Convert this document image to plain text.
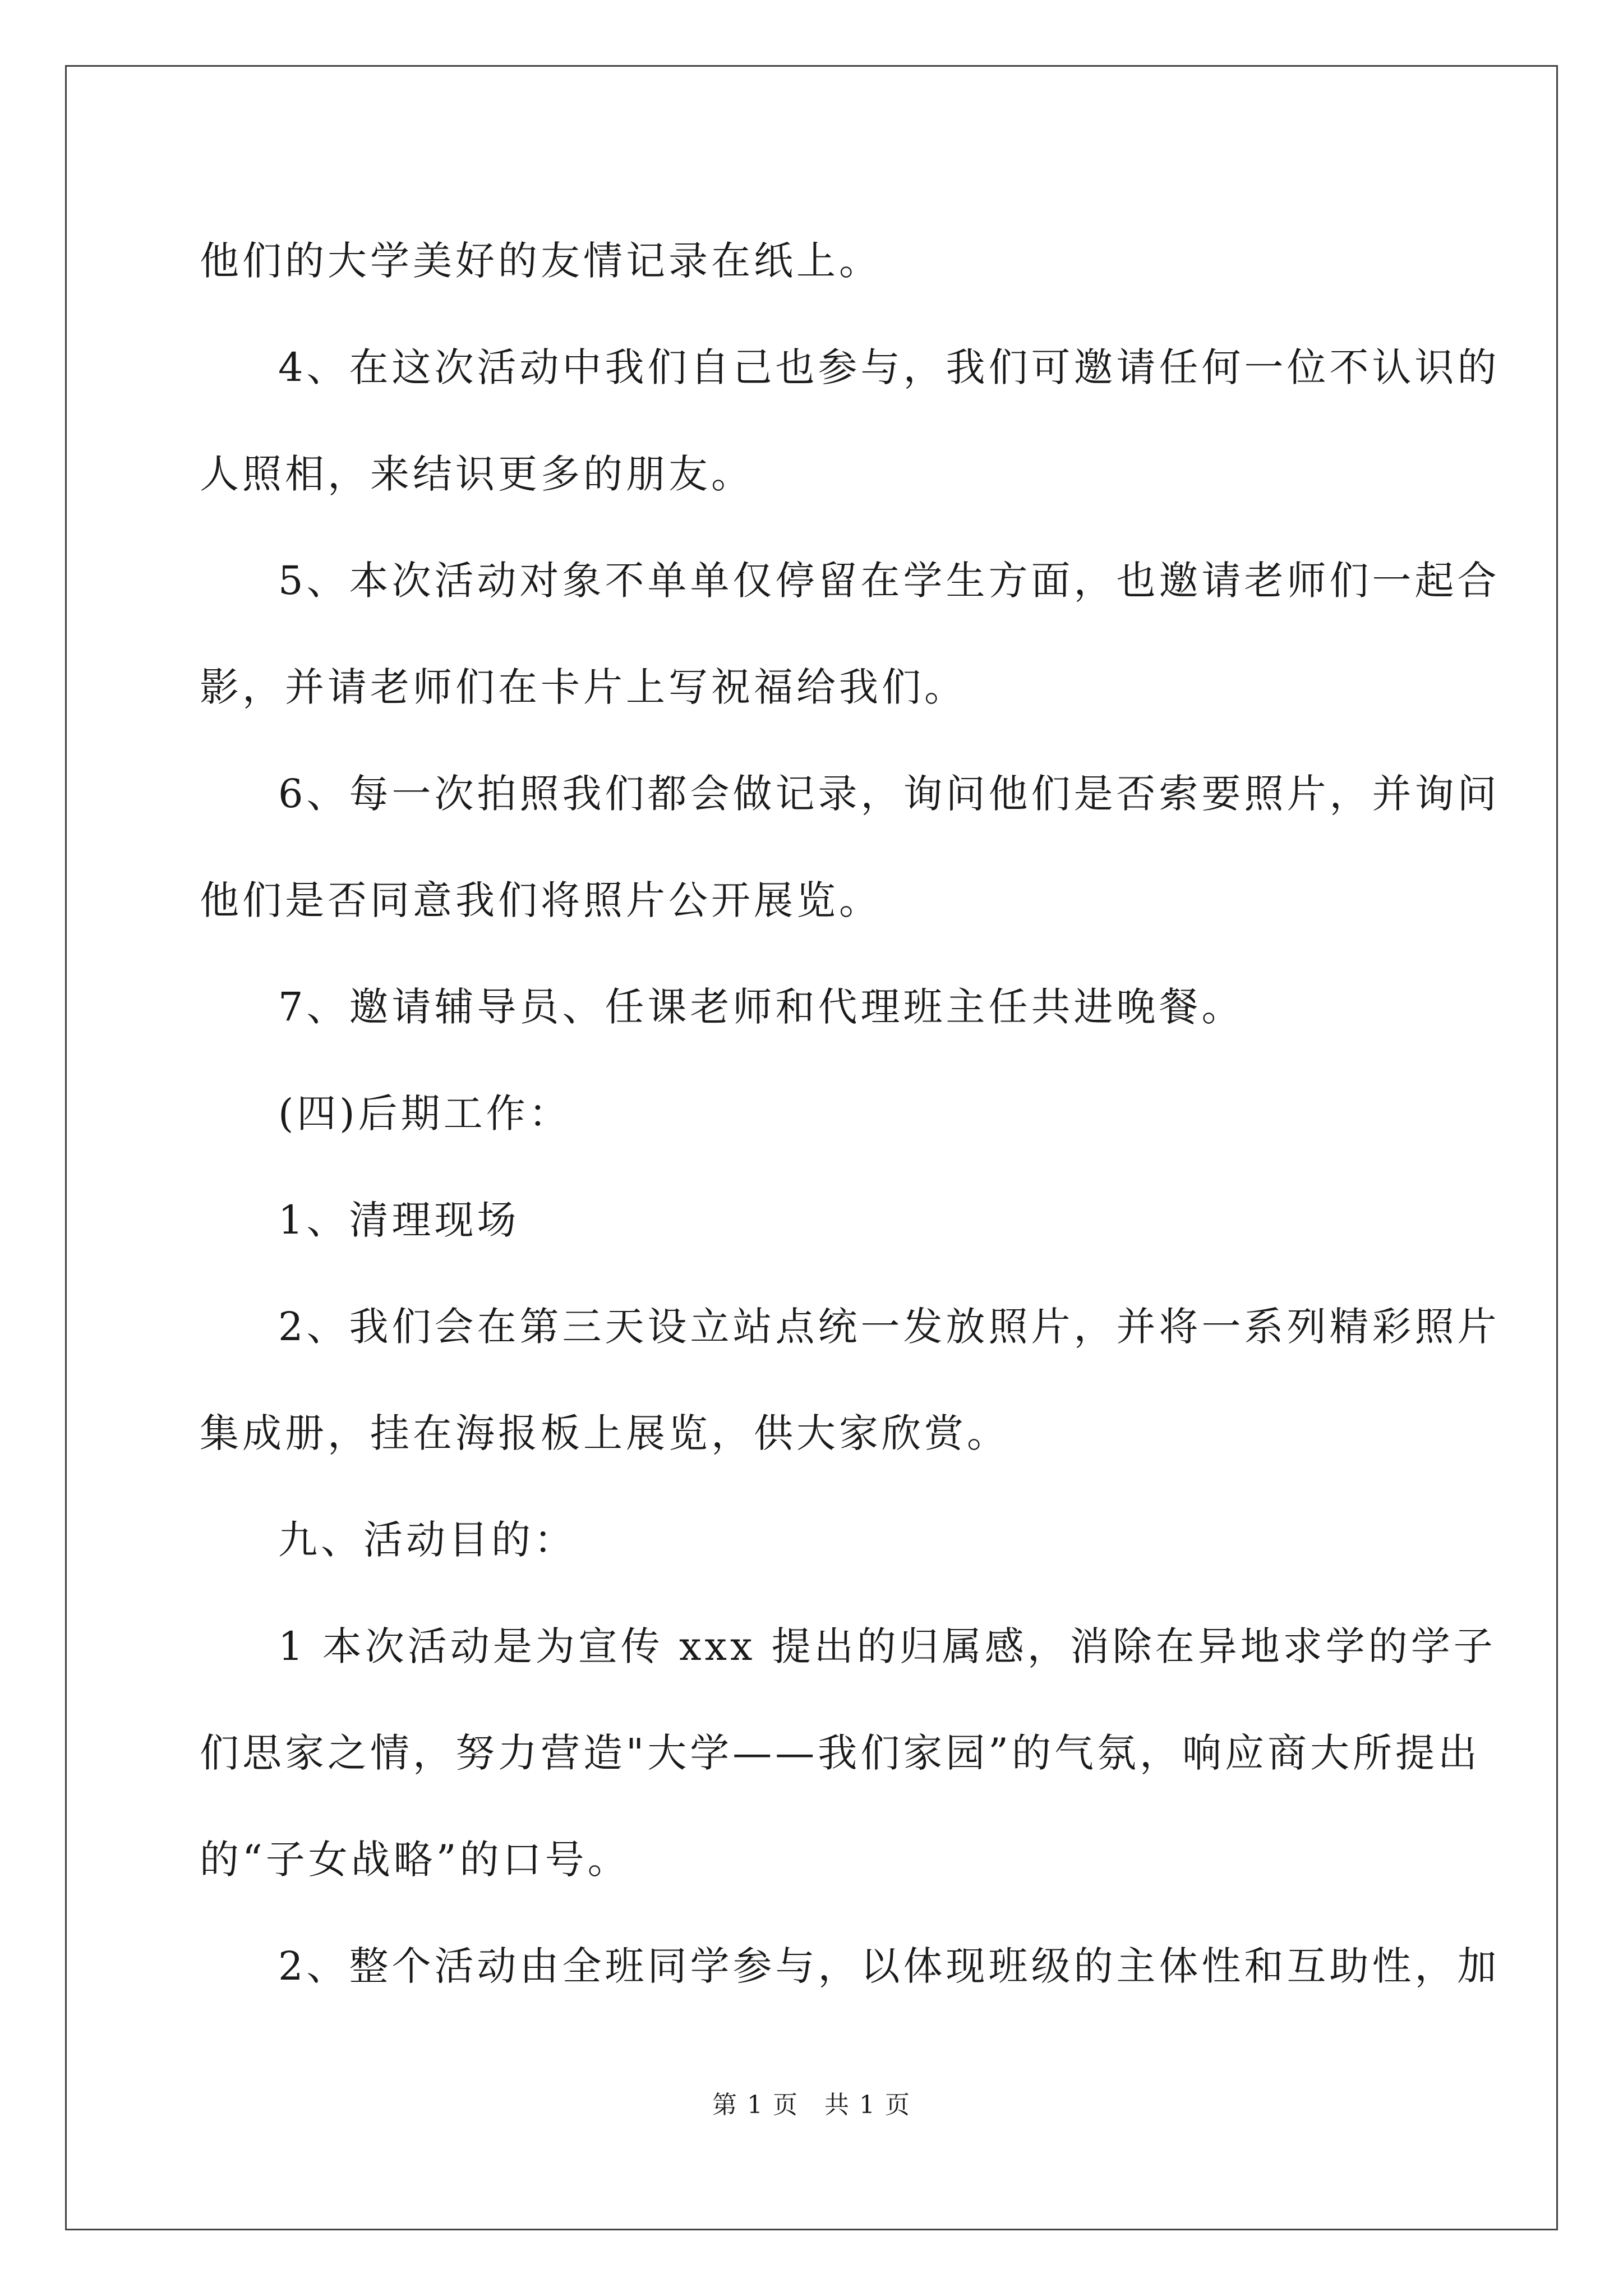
他们的大学美好的友情记录在纸上。
4、在这次活动中我们自己也参与，我们可邀请任何一位不认识的
人照相，来结识更多的朋友。
5、本次活动对象不单单仅停留在学生方面，也邀请老师们一起合
影，并请老师们在卡片上写祝福给我们。
6、每一次拍照我们都会做记录，询问他们是否索要照片，并询问
他们是否同意我们将照片公开展览。
7、邀请辅导员、任课老师和代理班主任共进晚餐。
(四)后期工作：
1、清理现场
2、我们会在第三天设立站点统一发放照片，并将一系列精彩照片
集成册，挂在海报板上展览，供大家欣赏。
九、活动目的：
1 本次活动是为宣传 xxx 提出的归属感，消除在异地求学的学子
们思家之情，努力营造"大学——我们家园”的气氛，响应商大所提出
的“子女战略”的口号。
2、整个活动由全班同学参与，以体现班级的主体性和互助性，加
第 1 页　共 1 页
